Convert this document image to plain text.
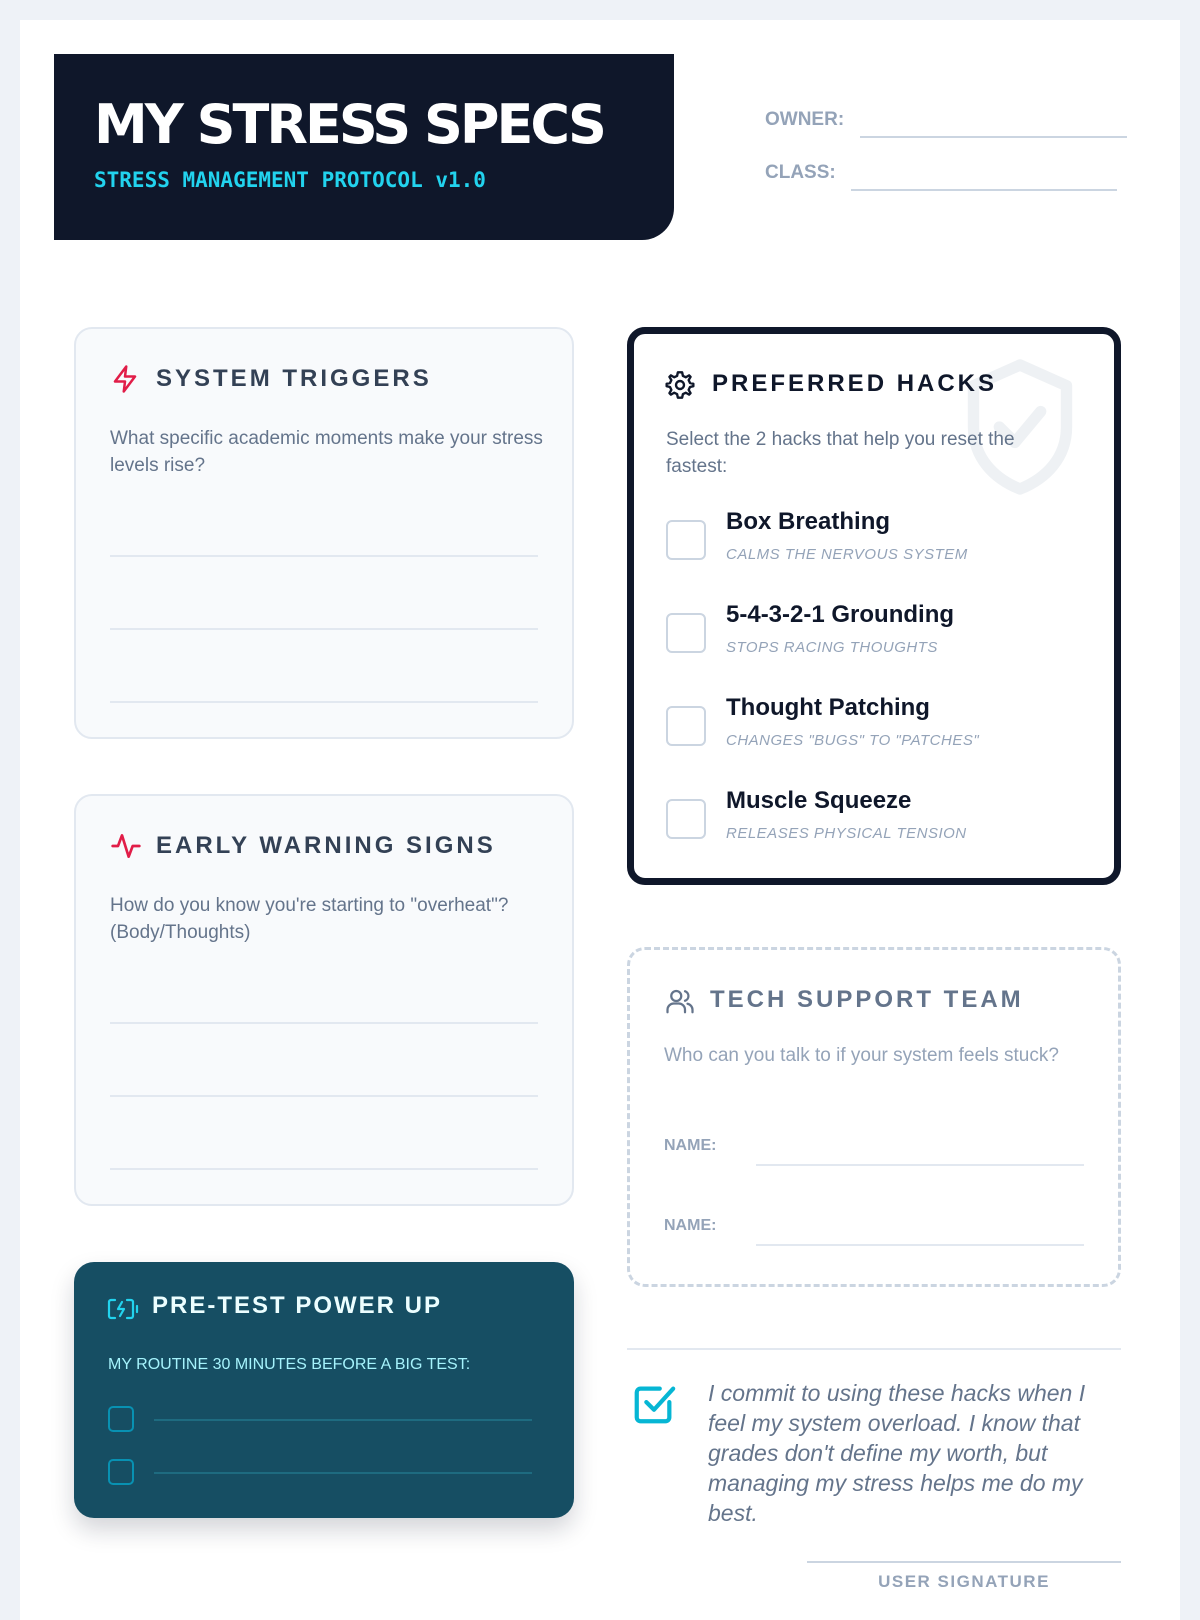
MY STRESS SPECS
STRESS MANAGEMENT PROTOCOL v1.0
OWNER:
CLASS:
SYSTEM TRIGGERS
What specific academic moments make your stress levels rise?
EARLY WARNING SIGNS
How do you know you're starting to "overheat"? (Body/Thoughts)
PRE-TEST POWER UP
MY ROUTINE 30 MINUTES BEFORE A BIG TEST:
PREFERRED HACKS
Select the 2 hacks that help you reset the fastest:
Box Breathing
CALMS THE NERVOUS SYSTEM
5-4-3-2-1 Grounding
STOPS RACING THOUGHTS
Thought Patching
CHANGES "BUGS" TO "PATCHES"
Muscle Squeeze
RELEASES PHYSICAL TENSION
TECH SUPPORT TEAM
Who can you talk to if your system feels stuck?
NAME:
NAME:
I commit to using these hacks when I feel my system overload. I know that grades don't define my worth, but managing my stress helps me do my best.
USER SIGNATURE
